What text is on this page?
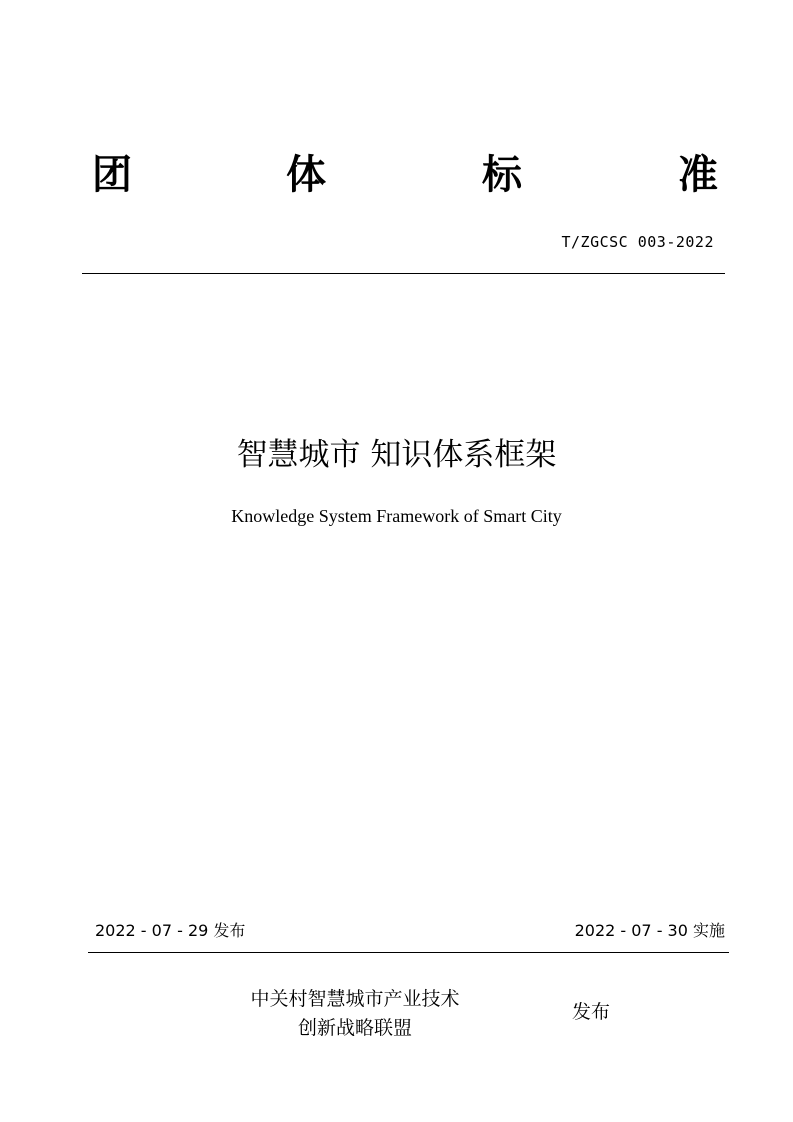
团	体	标	准
T/ZGCSC 003-2022
智慧城市 知识体系框架
Knowledge System Framework of Smart City
2022 - 07 - 29 发布	2022 - 07 - 30 实施
中关村智慧城市产业技术
创新战略联盟
发布
